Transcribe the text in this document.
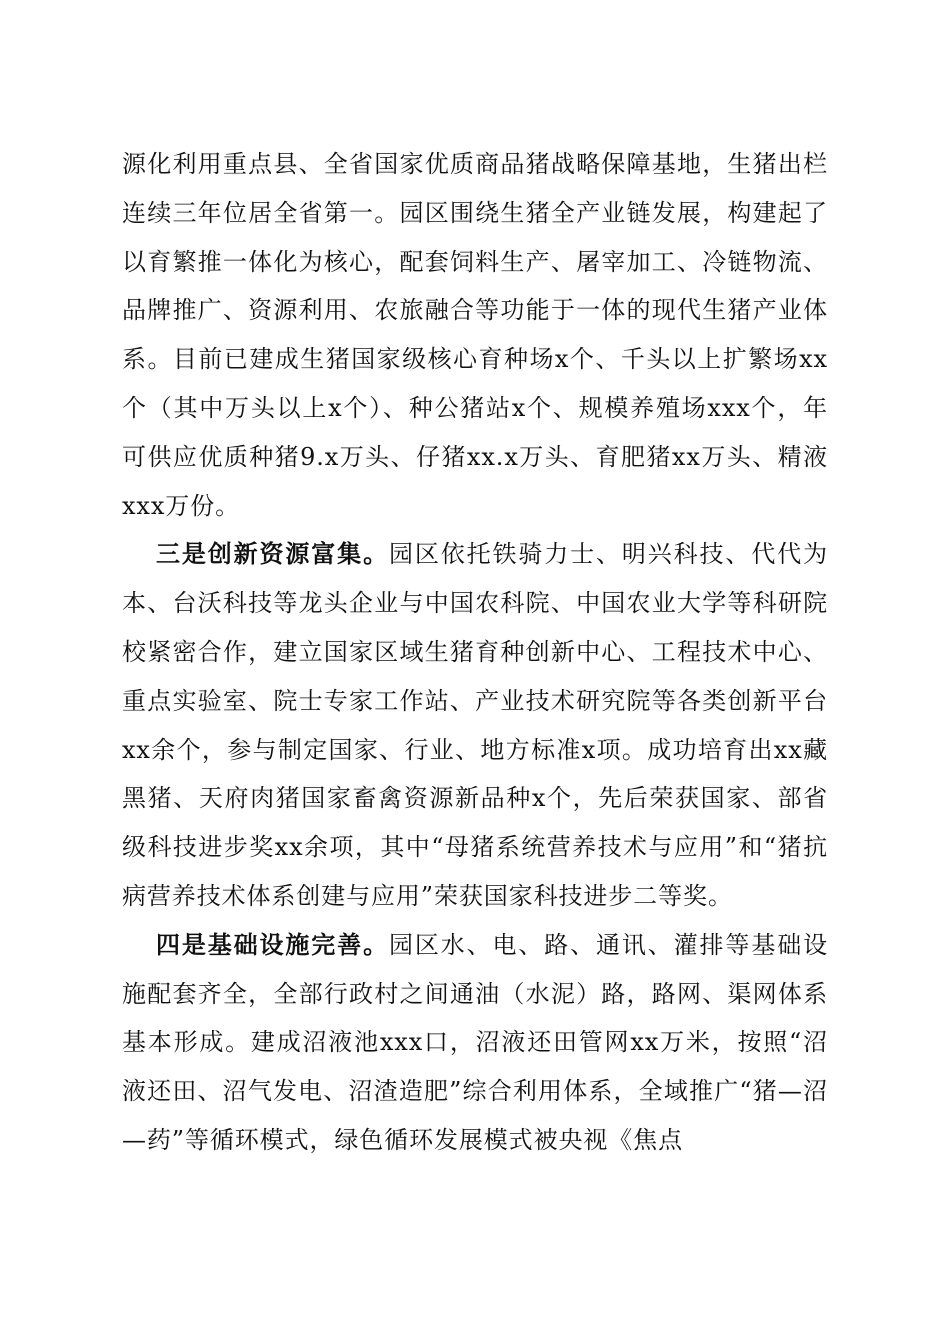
源化利用重点县、全省国家优质商品猪战略保障基地，生猪出栏连续三年位居全省第一。园区围绕生猪全产业链发展，构建起了以育繁推一体化为核心，配套饲料生产、屠宰加工、冷链物流、品牌推广、资源利用、农旅融合等功能于一体的现代生猪产业体系。目前已建成生猪国家级核心育种场x个、千头以上扩繁场xx个（其中万头以上x个）、种公猪站x个、规模养殖场xxx个，年可供应优质种猪9.x万头、仔猪xx.x万头、育肥猪xx万头、精液xxx万份。

三是创新资源富集。园区依托铁骑力士、明兴科技、代代为本、台沃科技等龙头企业与中国农科院、中国农业大学等科研院校紧密合作，建立国家区域生猪育种创新中心、工程技术中心、重点实验室、院士专家工作站、产业技术研究院等各类创新平台xx余个，参与制定国家、行业、地方标准x项。成功培育出xx藏黑猪、天府肉猪国家畜禽资源新品种x个，先后荣获国家、部省级科技进步奖xx余项，其中“母猪系统营养技术与应用”和“猪抗病营养技术体系创建与应用”荣获国家科技进步二等奖。

四是基础设施完善。园区水、电、路、通讯、灌排等基础设施配套齐全，全部行政村之间通油（水泥）路，路网、渠网体系基本形成。建成沼液池xxx口，沼液还田管网xx万米，按照“沼液还田、沼气发电、沼渣造肥”综合利用体系，全域推广“猪—沼—药”等循环模式，绿色循环发展模式被央视《焦点
